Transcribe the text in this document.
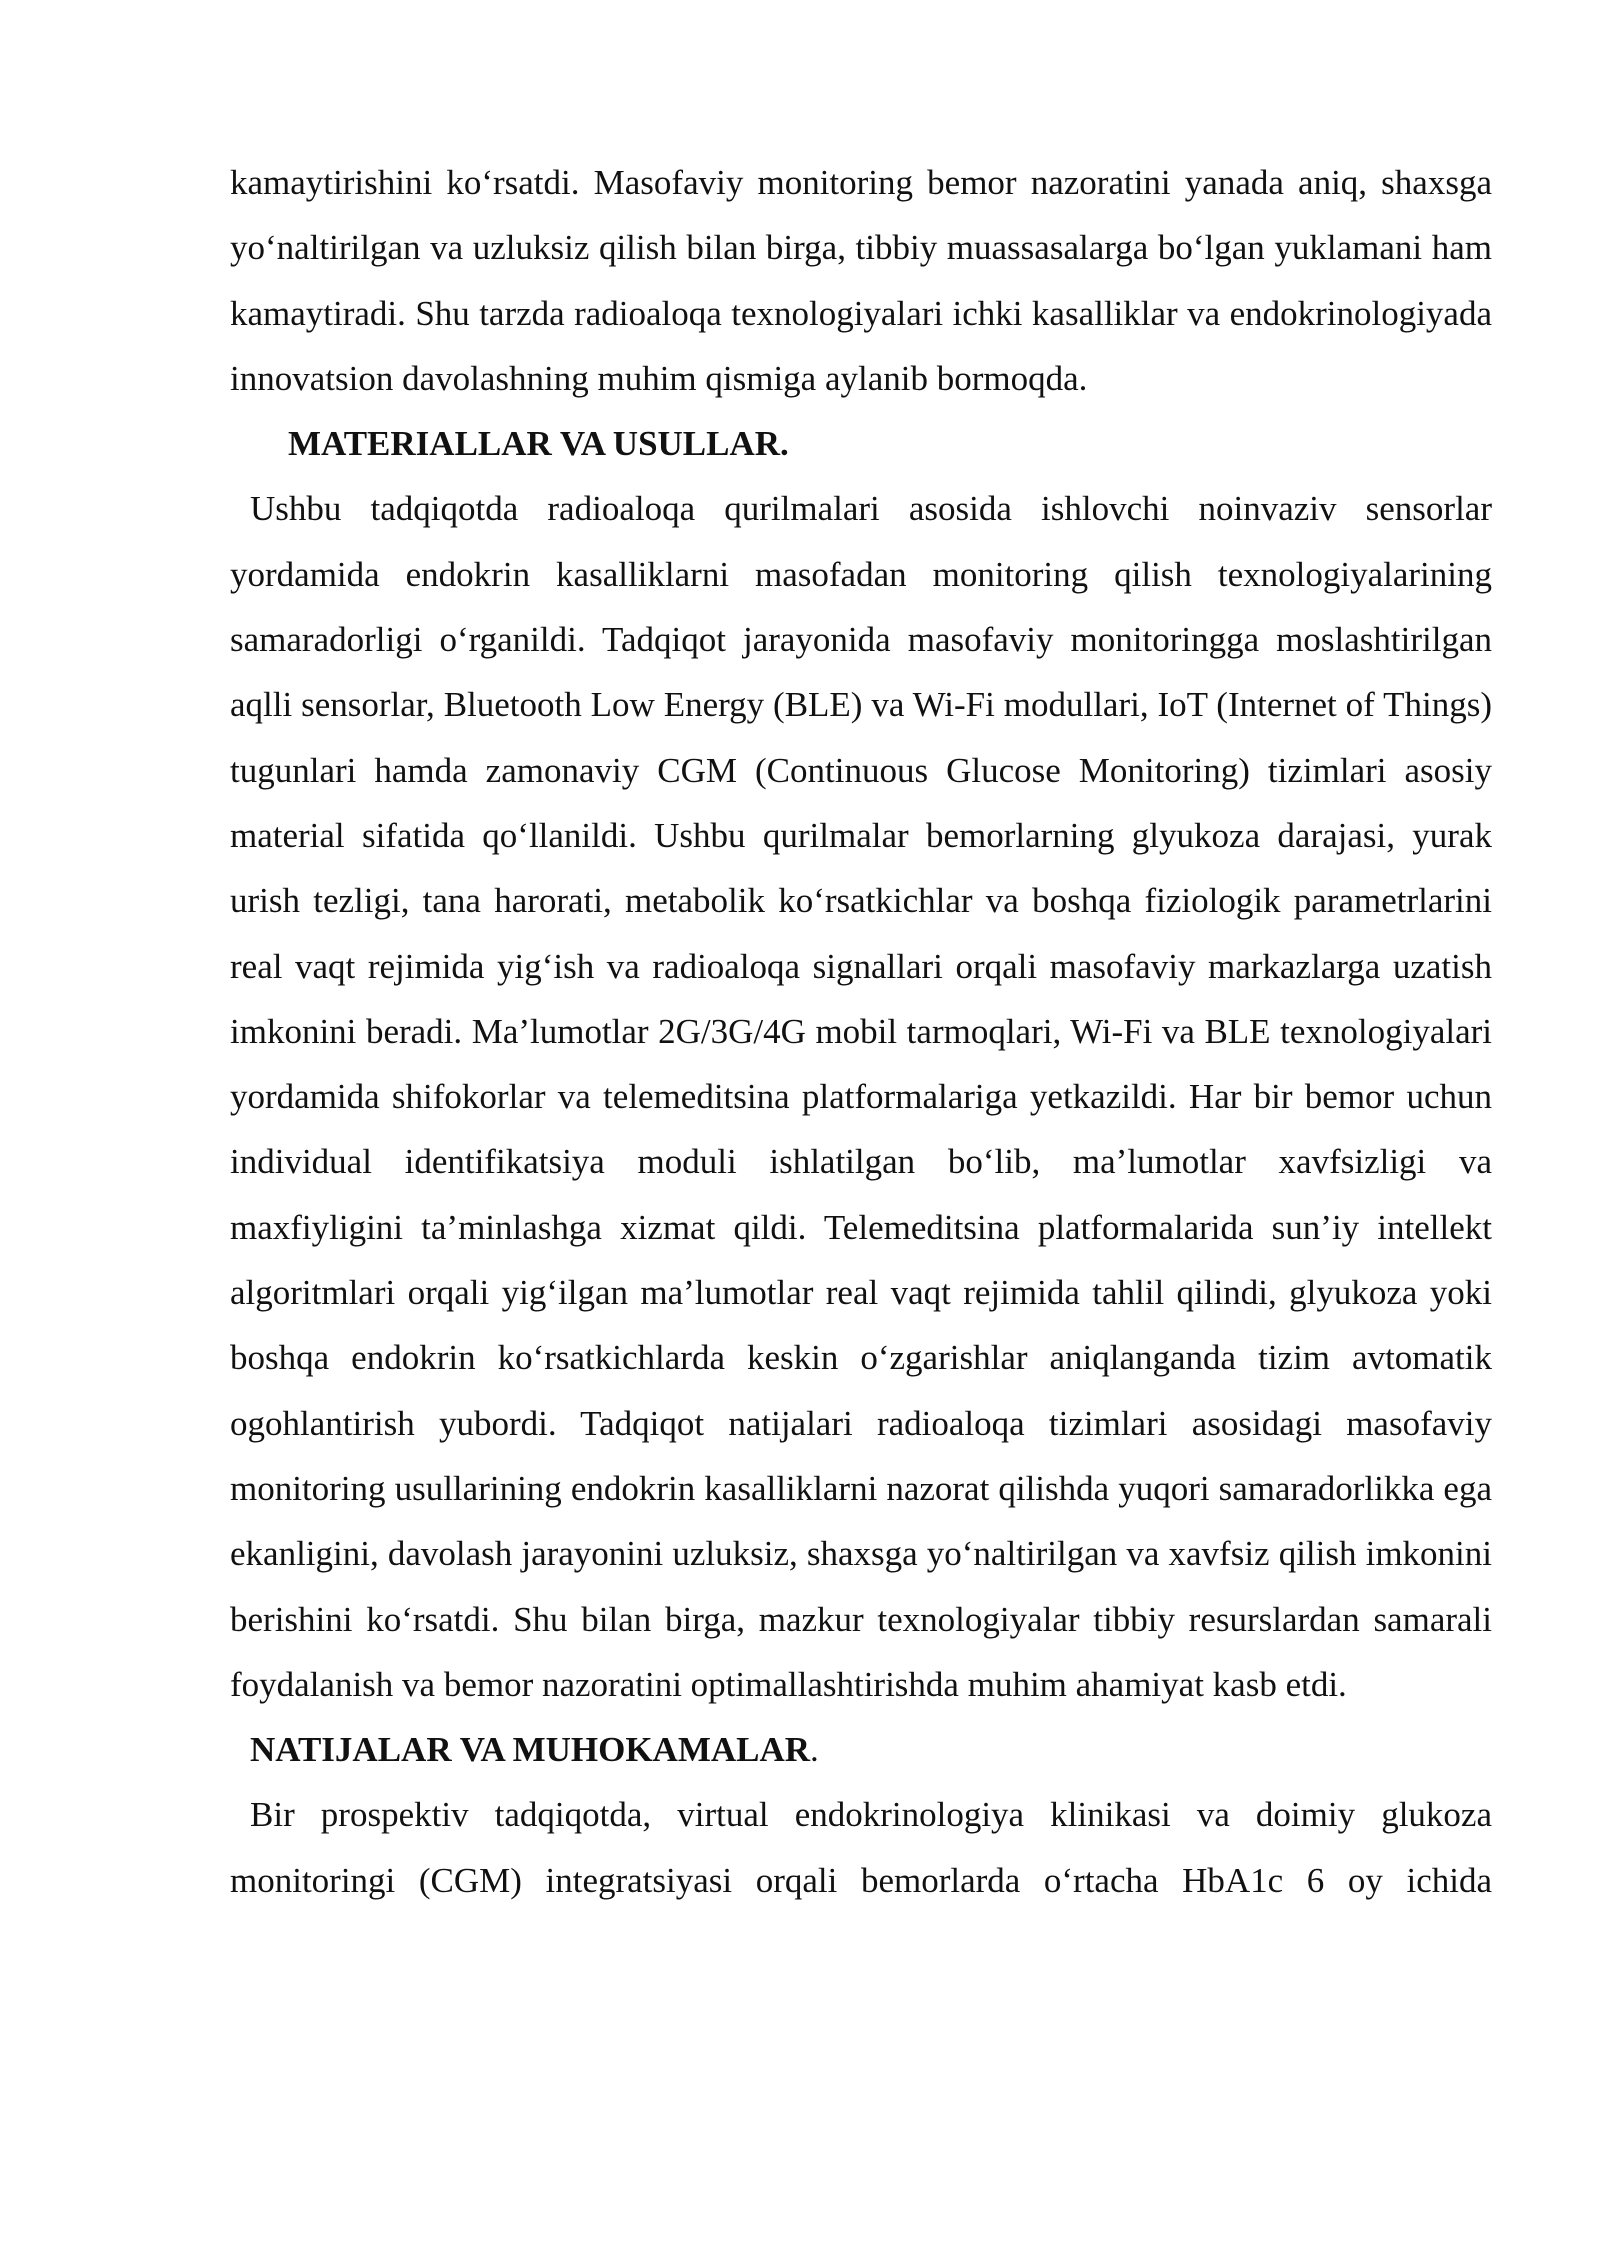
kamaytirishini ko‘rsatdi. Masofaviy monitoring bemor nazoratini yanada aniq, shaxsga yo‘naltirilgan va uzluksiz qilish bilan birga, tibbiy muassasalarga bo‘lgan yuklamani ham kamaytiradi. Shu tarzda radioaloqa texnologiyalari ichki kasalliklar va endokrinologiyada innovatsion davolashning muhim qismiga aylanib bormoqda.

MATERIALLAR VA USULLAR.

Ushbu tadqiqotda radioaloqa qurilmalari asosida ishlovchi noinvaziv sensorlar yordamida endokrin kasalliklarni masofadan monitoring qilish texnologiyalarining samaradorligi o‘rganildi. Tadqiqot jarayonida masofaviy monitoringga moslashtirilgan aqlli sensorlar, Bluetooth Low Energy (BLE) va Wi-Fi modullari, IoT (Internet of Things) tugunlari hamda zamonaviy CGM (Continuous Glucose Monitoring) tizimlari asosiy material sifatida qo‘llanildi. Ushbu qurilmalar bemorlarning glyukoza darajasi, yurak urish tezligi, tana harorati, metabolik ko‘rsatkichlar va boshqa fiziologik parametrlarini real vaqt rejimida yig‘ish va radioaloqa signallari orqali masofaviy markazlarga uzatish imkonini beradi. Ma’lumotlar 2G/3G/4G mobil tarmoqlari, Wi-Fi va BLE texnologiyalari yordamida shifokorlar va telemeditsina platformalariga yetkazildi. Har bir bemor uchun individual identifikatsiya moduli ishlatilgan bo‘lib, ma’lumotlar xavfsizligi va maxfiyligini ta’minlashga xizmat qildi. Telemeditsina platformalarida sun’iy intellekt algoritmlari orqali yig‘ilgan ma’lumotlar real vaqt rejimida tahlil qilindi, glyukoza yoki boshqa endokrin ko‘rsatkichlarda keskin o‘zgarishlar aniqlanganda tizim avtomatik ogohlantirish yubordi. Tadqiqot natijalari radioaloqa tizimlari asosidagi masofaviy monitoring usullarining endokrin kasalliklarni nazorat qilishda yuqori samaradorlikka ega ekanligini, davolash jarayonini uzluksiz, shaxsga yo‘naltirilgan va xavfsiz qilish imkonini berishini ko‘rsatdi. Shu bilan birga, mazkur texnologiyalar tibbiy resurslardan samarali foydalanish va bemor nazoratini optimallashtirishda muhim ahamiyat kasb etdi.

NATIJALAR VA MUHOKAMALAR.

Bir prospektiv tadqiqotda, virtual endokrinologiya klinikasi va doimiy glukoza monitoringi (CGM) integratsiyasi orqali bemorlarda o‘rtacha HbA1c 6 oy ichida
